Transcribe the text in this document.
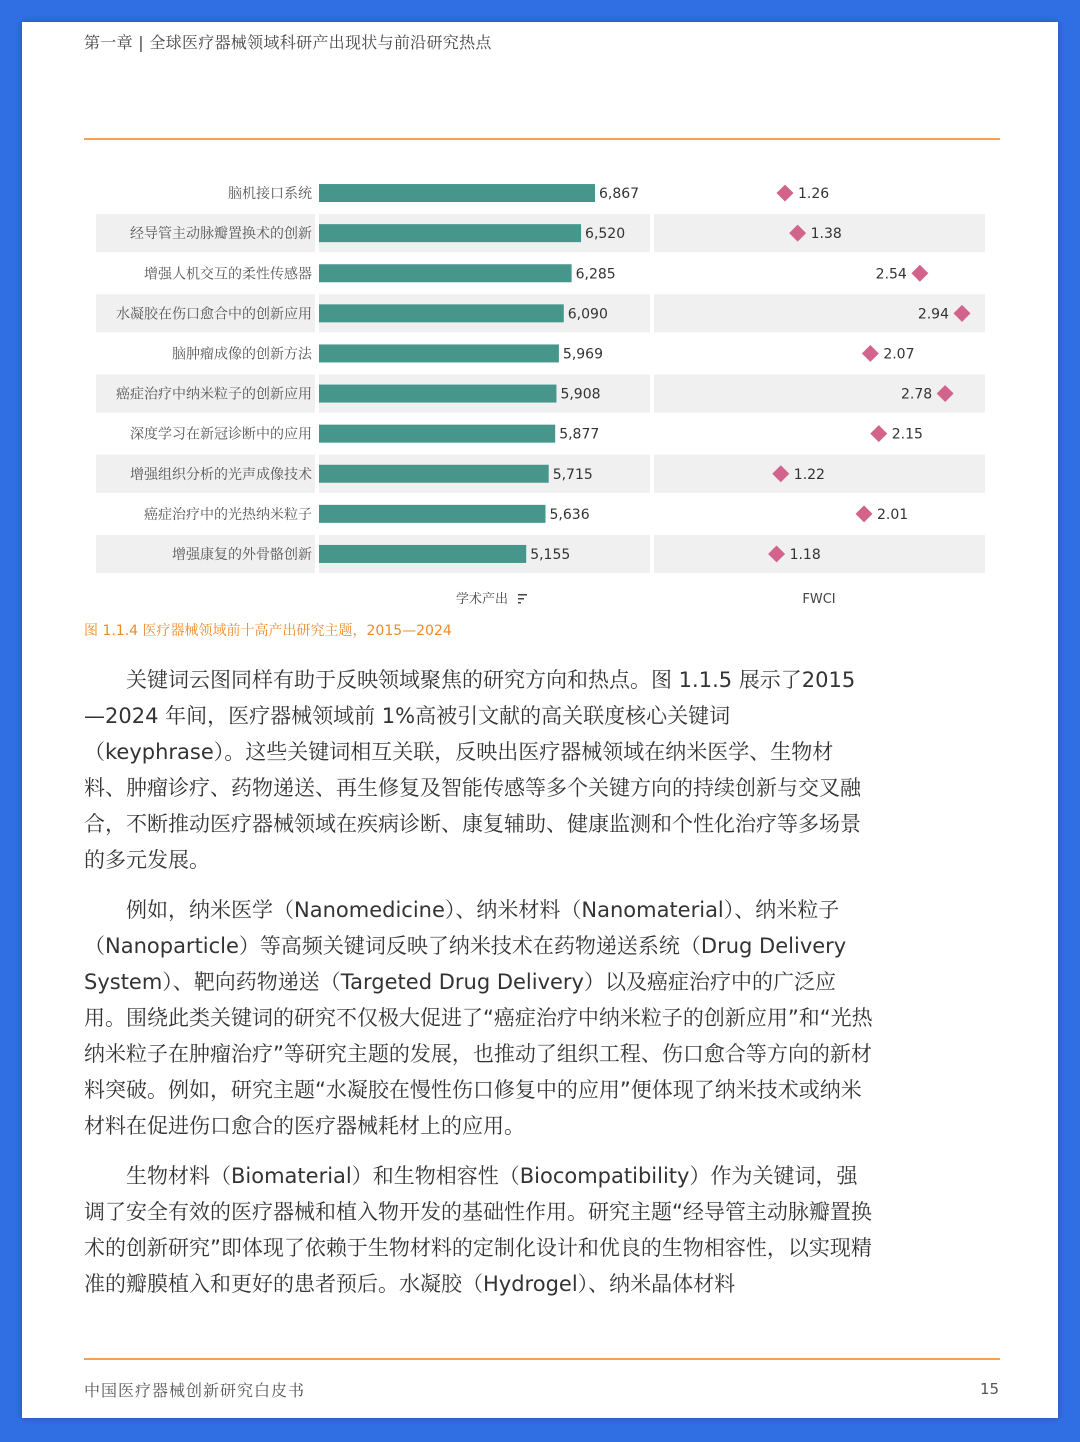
第一章 | 全球医疗器械领域科研产出现状与前沿研究热点
脑机接口系统
经导管主动脉瓣置换术的创新
增强人机交互的柔性传感器
水凝胶在伤口愈合中的创新应用
脑肿瘤成像的创新方法
癌症治疗中纳米粒子的创新应用
深度学习在新冠诊断中的应用
增强组织分析的光声成像技术
癌症治疗中的光热纳米粒子
增强康复的外骨骼创新
6,867
6,520
6,285
6,090
5,969
5,908
5,877
5,715
5,636
5,155
1.26
1.38
2.54
2.94
2.07
2.78
2.15
1.22
2.01
1.18
学术产出	FWCI
图 1.1.4 医疗器械领域前十高产出研究主题，2015—2024

关键词云图同样有助于反映领域聚焦的研究方向和热点。图 1.1.5 展示了2015—2024 年间，医疗器械领域前 1%高被引文献的高关联度核心关键词（keyphrase）。这些关键词相互关联，反映出医疗器械领域在纳米医学、生物材料、肿瘤诊疗、药物递送、再生修复及智能传感等多个关键方向的持续创新与交叉融合，不断推动医疗器械领域在疾病诊断、康复辅助、健康监测和个性化治疗等多场景的多元发展。

例如，纳米医学（Nanomedicine）、纳米材料（Nanomaterial）、纳米粒子（Nanoparticle）等高频关键词反映了纳米技术在药物递送系统（Drug Delivery System）、靶向药物递送（Targeted Drug Delivery）以及癌症治疗中的广泛应用。围绕此类关键词的研究不仅极大促进了“癌症治疗中纳米粒子的创新应用”和“光热纳米粒子在肿瘤治疗”等研究主题的发展，也推动了组织工程、伤口愈合等方向的新材料突破。例如，研究主题“水凝胶在慢性伤口修复中的应用”便体现了纳米技术或纳米材料在促进伤口愈合的医疗器械耗材上的应用。

生物材料（Biomaterial）和生物相容性（Biocompatibility）作为关键词，强调了安全有效的医疗器械和植入物开发的基础性作用。研究主题“经导管主动脉瓣置换术的创新研究”即体现了依赖于生物材料的定制化设计和优良的生物相容性，以实现精准的瓣膜植入和更好的患者预后。水凝胶（Hydrogel）、纳米晶体材料

中国医疗器械创新研究白皮书	15
